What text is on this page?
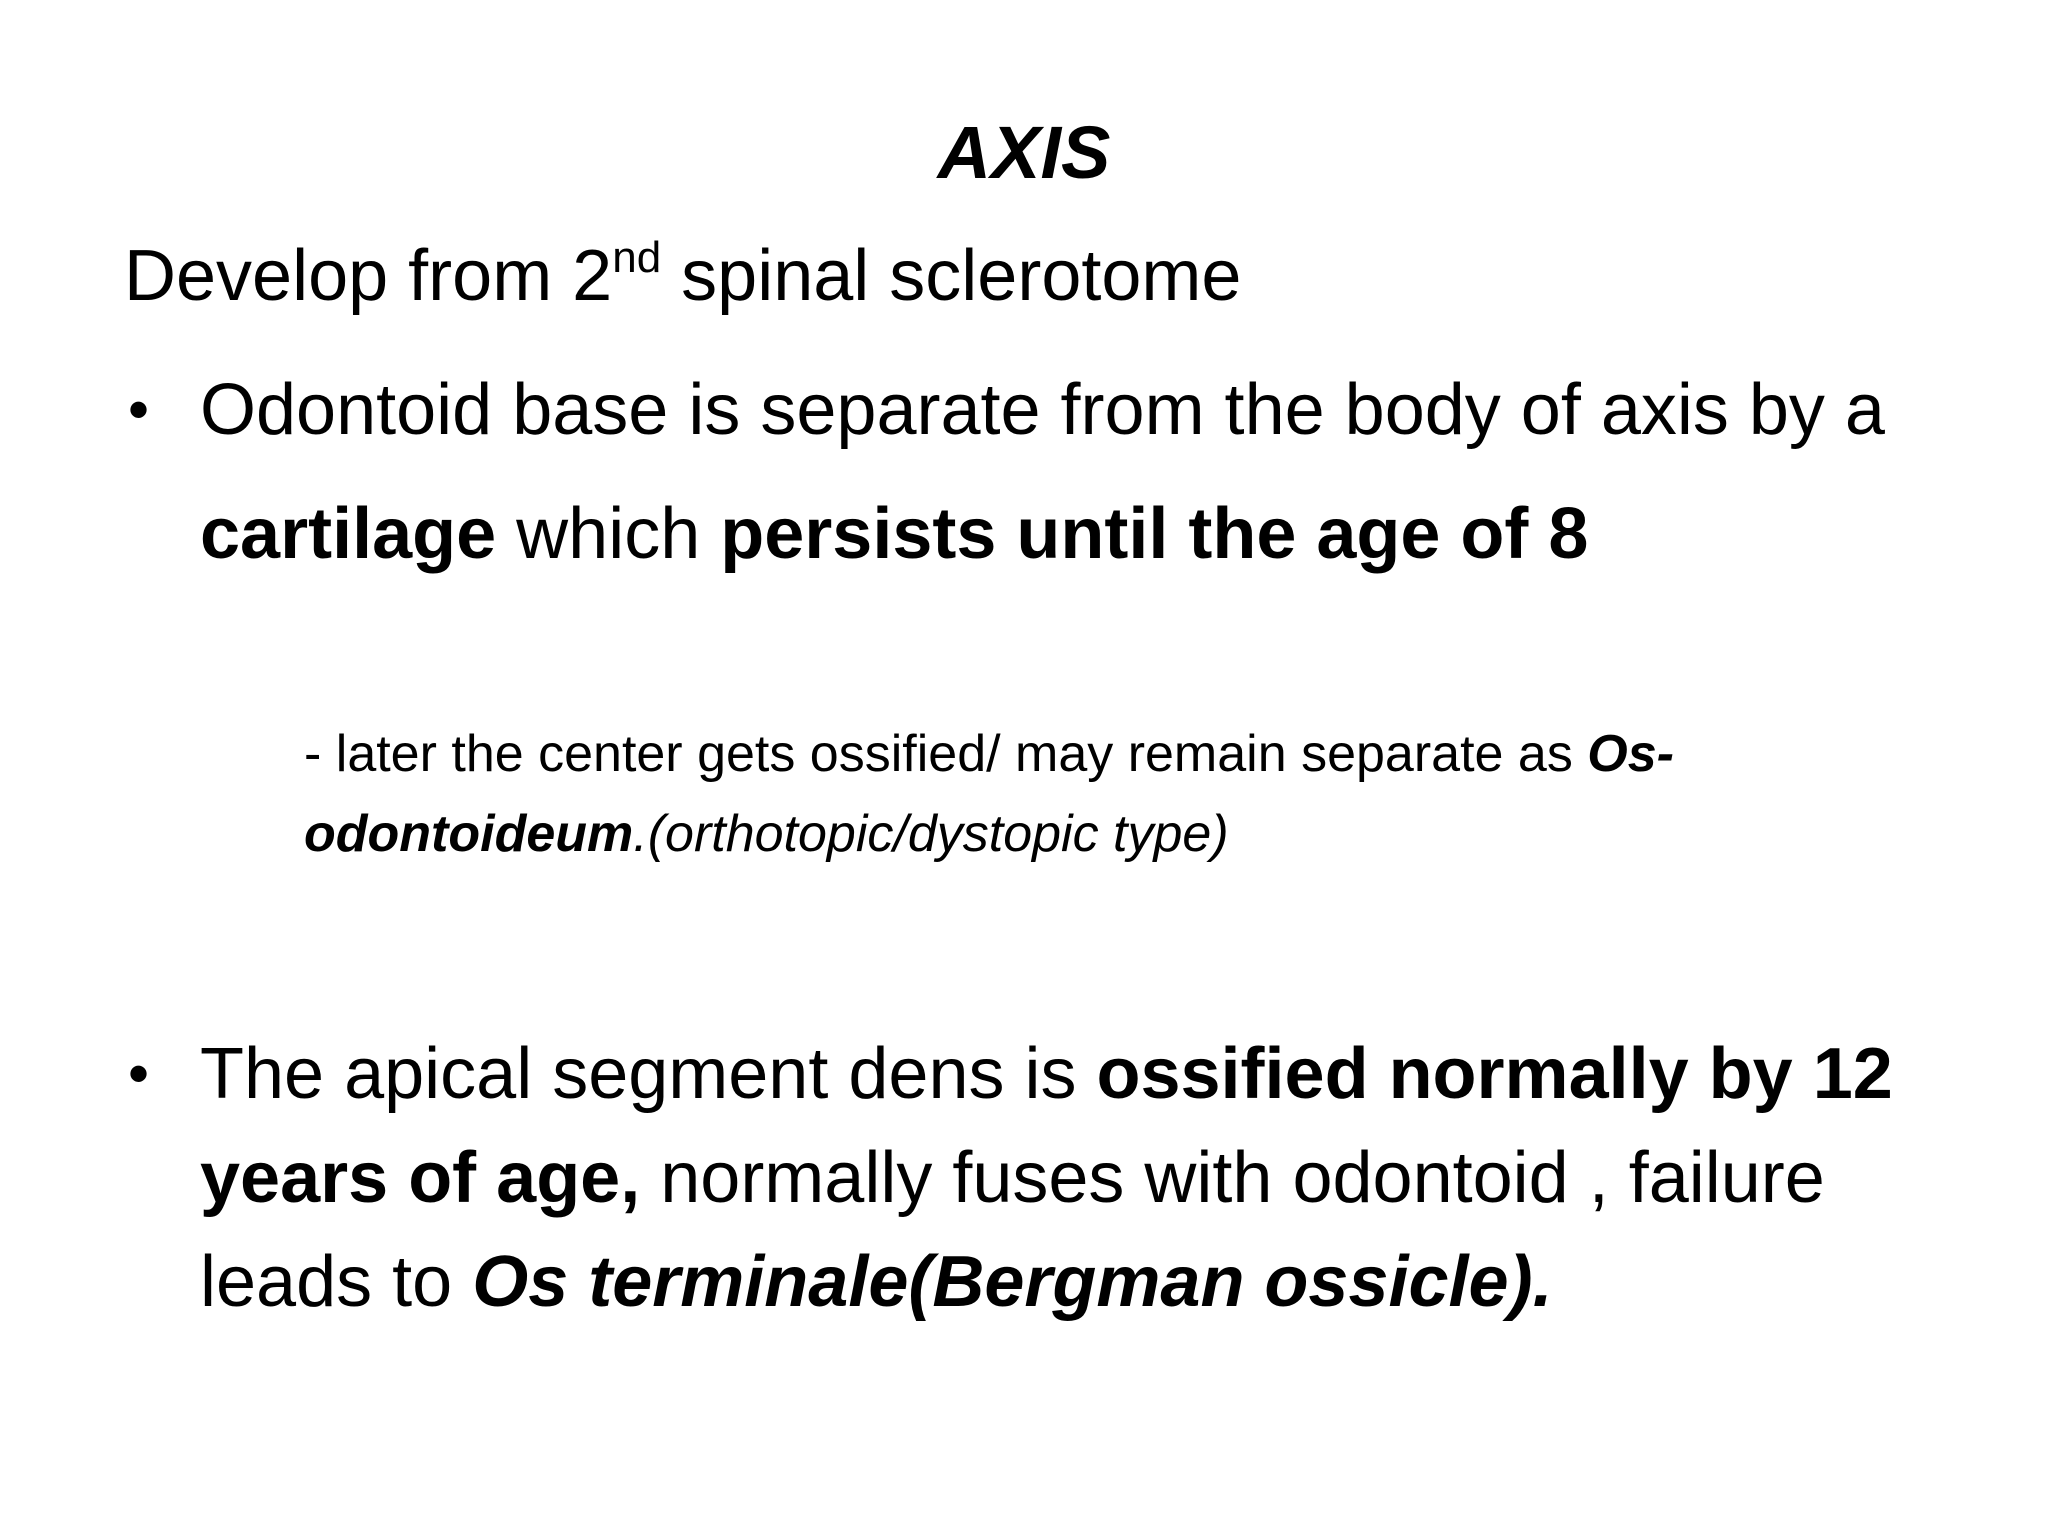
AXIS
Develop from 2nd spinal sclerotome
• Odontoid base is separate from the body of axis by a cartilage which persists until the age of 8
- later the center gets ossified/ may remain separate as Os-odontoideum.(orthotopic/dystopic type)
• The apical segment dens is ossified normally by 12 years of age, normally fuses with odontoid , failure leads to Os terminale(Bergman ossicle).
